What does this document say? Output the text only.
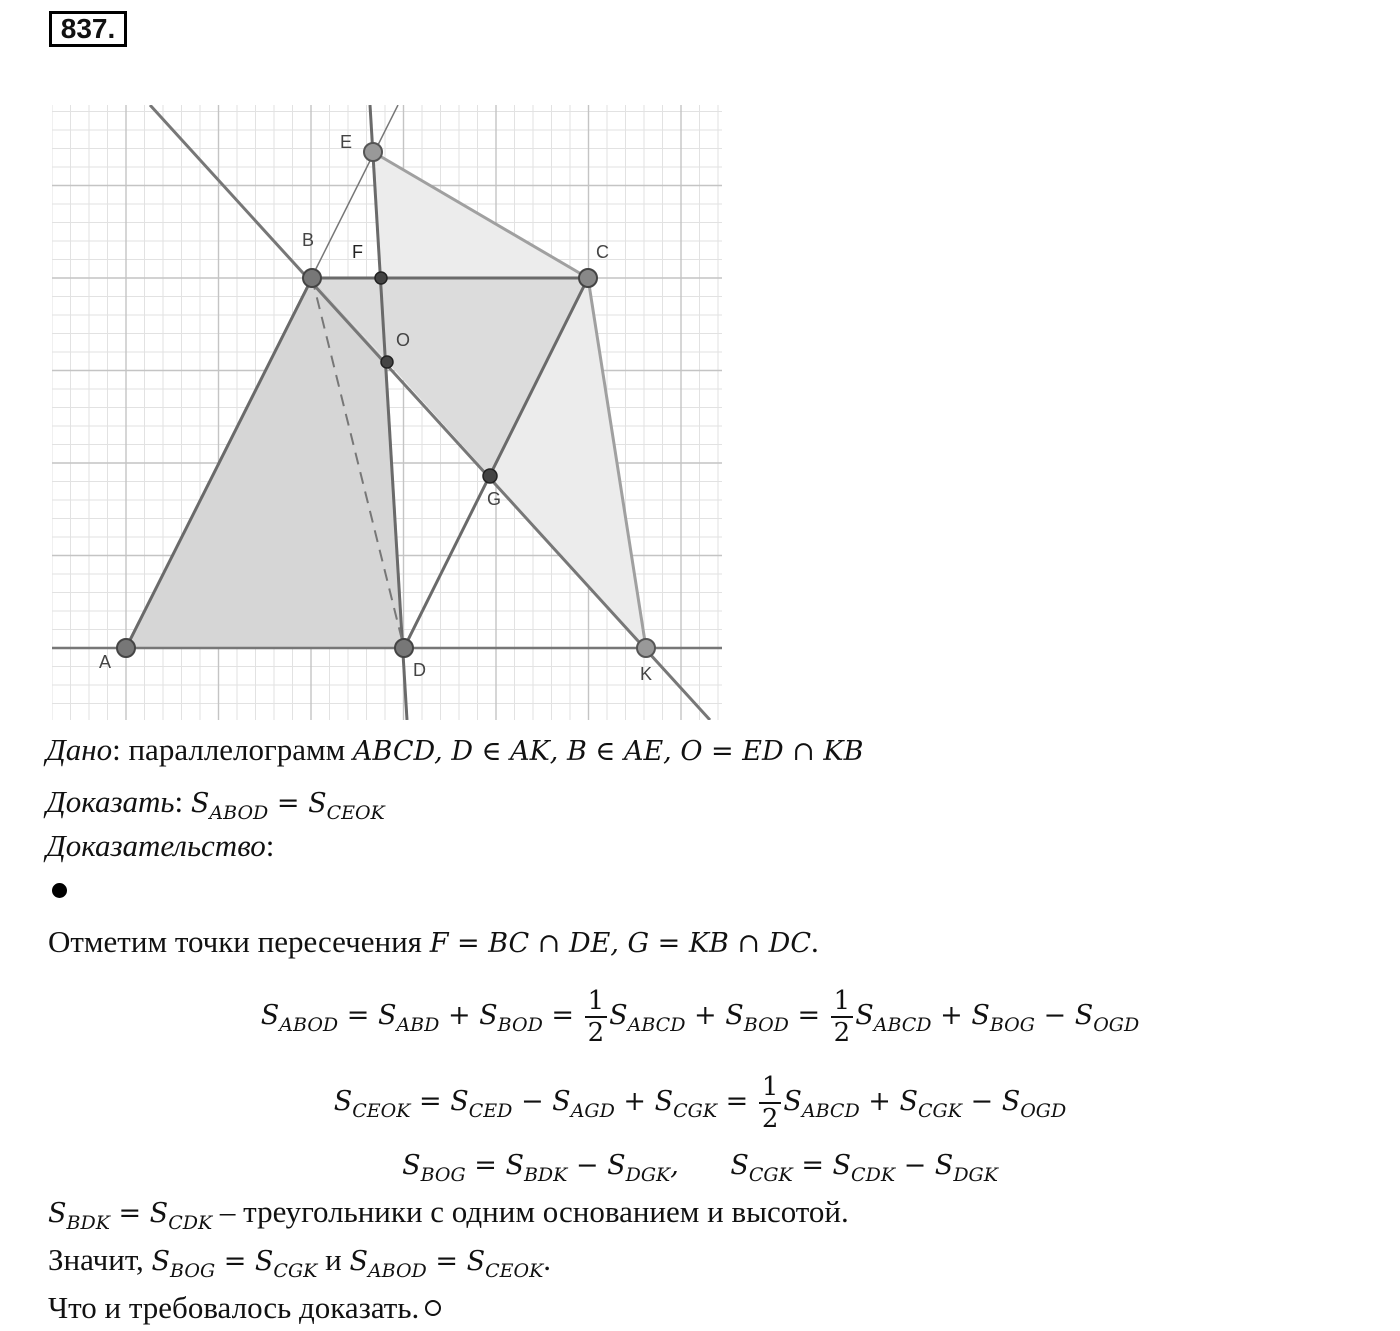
837.
E
B
F	C
O
G
A	D	K
Дано: параллелограмм ABCD, D ∈ AK, B ∈ AE, O = ED ∩ KB
Доказать: $S_{ABOD} = S_{CEOK}$
Доказательство:
Отметим точки пересечения F = BC ∩ DE, G = KB ∩ DC.
$S_{ABOD} = S_{ABD} + S_{BOD} = \frac{1}{2} S_{ABCD} + S_{BOD} = \frac{1}{2} S_{ABCD} + S_{BOG} - S_{OGD}$
$S_{CEOK} = S_{CED} - S_{AGD} + S_{CGK} = \frac{1}{2} S_{ABCD} + S_{CGK} - S_{OGD}$
$S_{BOG} = S_{BDK} - S_{DGK}$,      $S_{CGK} = S_{CDK} - S_{DGK}$
$S_{BDK} = S_{CDK}$ – треугольники с одним основанием и высотой.
Значит, $S_{BOG} = S_{CGK}$ и $S_{ABOD} = S_{CEOK}$.
Что и требовалось доказать.
